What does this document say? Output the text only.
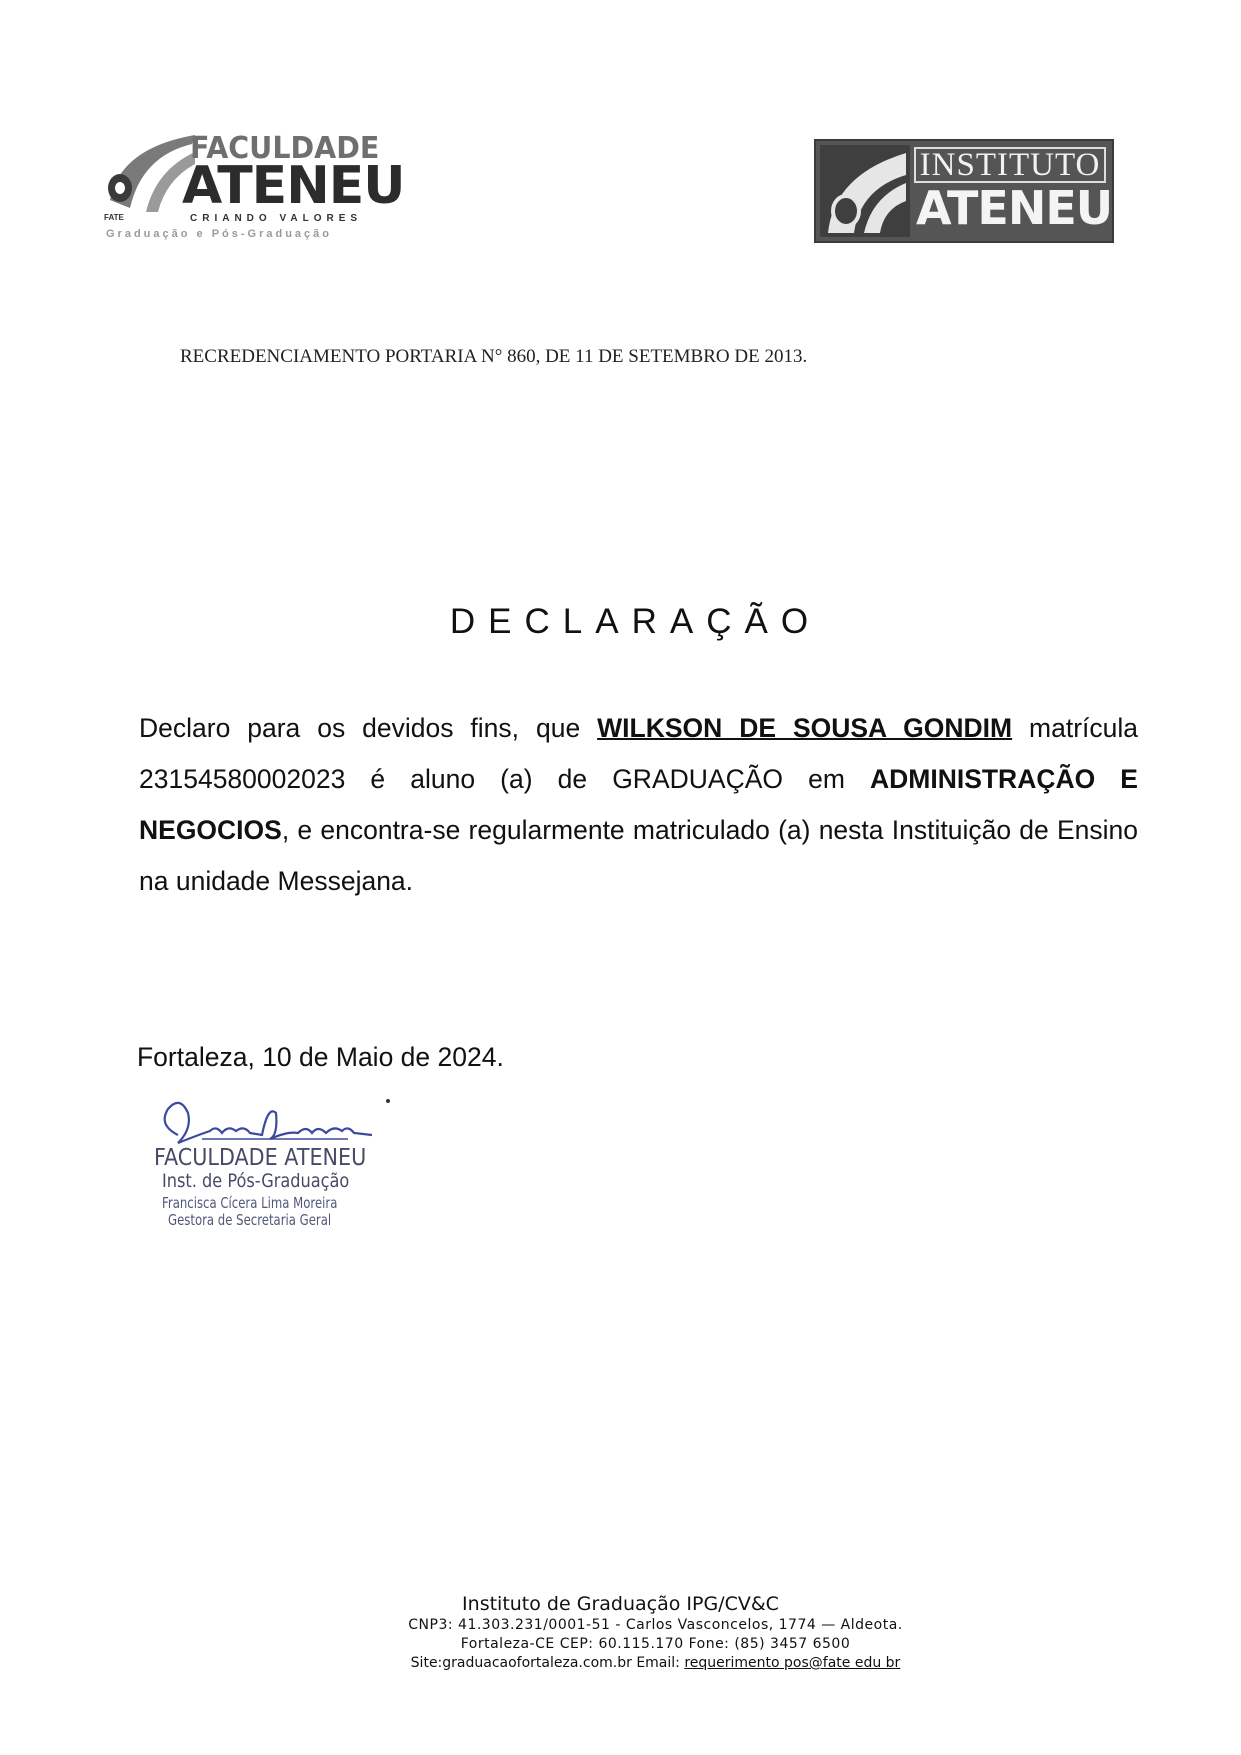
FACULDADE
ATENEU
FATE	CRIANDO VALORES
Graduação e Pós-Graduação
INSTITUTO
ATENEU
RECREDENCIAMENTO PORTARIA N° 860, DE 11 DE SETEMBRO DE 2013.
DECLARAÇÃO
Declaro para os devidos fins, que WILKSON DE SOUSA GONDIM matrícula 23154580002023 é aluno (a) de GRADUAÇÃO em ADMINISTRAÇÃO E NEGOCIOS, e encontra-se regularmente matriculado (a) nesta Instituição de Ensino na unidade Messejana.
Fortaleza, 10 de Maio de 2024.
FACULDADE ATENEU
Inst. de Pós-Graduação
Francisca Cícera Lima Moreira
Gestora de Secretaria Geral
Instituto de Graduação IPG/CV&C
CNP3: 41.303.231/0001-51 - Carlos Vasconcelos, 1774 — Aldeota.
Fortaleza-CE CEP: 60.115.170 Fone: (85) 3457 6500
Site:graduacaofortaleza.com.br Email: requerimento pos@fate edu br
